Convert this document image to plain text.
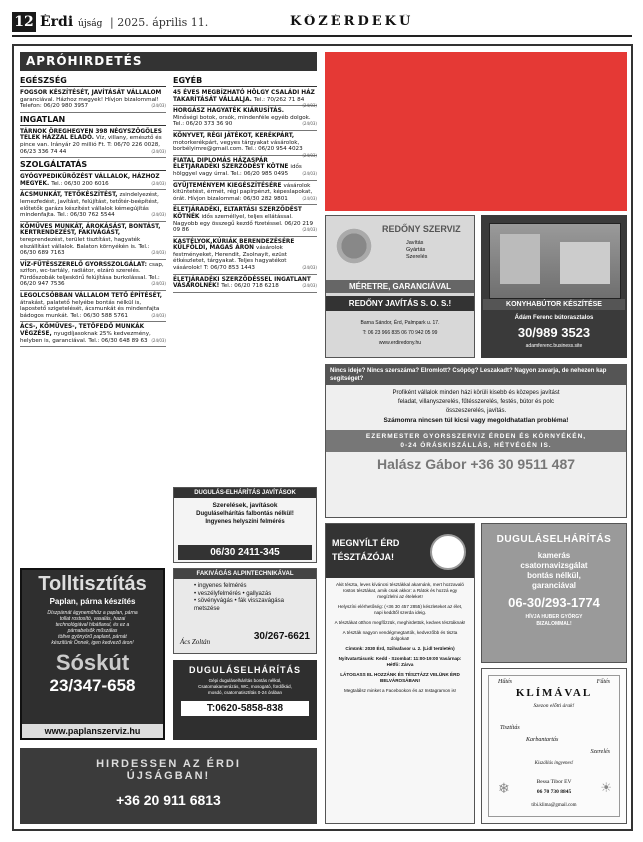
12 Érdi újság | 2025. április 11.	KÖZÉRDEKŰ
APRÓHIRDETÉS
EGÉSZSÉG
FOGSOR KÉSZÍTÉSÉT, JAVÍTÁSÁT VÁLLALOM garanciával. Házhoz megyek! Hívjon bizalommal! Telefon: 06/20 980 3957	(24/03)
INGATLAN
TÁRNOK ÖREGHEGYEN 398 NÉGYSZÖGÖLES TELEK HÁZZAL ELADÓ. Víz, villany, emésztő és pince van. Irányár 20 millió Ft. T: 06/70 226 0028, 06/23 336 74 44	(24/03)
SZOLGÁLTATÁS
GYÓGYPEDIKŰRÖZÉST VÁLLALOK, HÁZHOZ MEGYEK. Tel.: 06/30 200 6016	(24/03)
ÁCSMUNKÁT, TETŐKÉSZÍTÉST, zsindelyezést, lemezfedést, javítást, felújítást, tetőtér-beépítést, előtetők garázs készítést vállalok kémegújítás mindenfajta. Tel.: 06/30 762 5544	(24/03)
KŐMŰVES MUNKÁT, ÁROKÁSÁST, BONTÁST, KERTRENDEZÉST, FAKIVÁGÁST, tereprendezést, terület tisztítást, hagyaték elszállítást vállalok. Balaton környékén is. Tel.: 06/30 689 7163	(24/03)
VÍZ-FŰTÉSSZERELŐ GYORSSZOLGÁLAT: csap, szifon, wc-tartály, radiátor, elzáró szerelés. Fürdőszobák teljeskörű felújítása burkolással. Tel.: 06/20 947 7536	(24/03)
LEGOLCSÓBBAN VÁLLALOM TETŐ ÉPÍTÉSÉT, átrakást, palatető helyébe bontás nélkül is, lapostető szigetelését, ácsmunkát és mindenfajta bádogos munkát. Tel.: 06/30 588 5761	(24/03)
ÁCS-, KŐMŰVES-, TETŐFEDŐ MUNKÁK VÉGZÉSE, nyugdíjasoknak 25% kedvezmény, helyben is, garanciával. Tel.: 06/30 648 89 63 (24/03)
EGYÉB
45 ÉVES MEGBÍZHATÓ HÖLGY CSALÁDI HÁZ TAKARÍTÁSÁT VÁLLALJA. Tel.: 70/262 71 84
(24/03)
HORGÁSZ HAGYATÉK KIÁRUSÍTÁS. Minőségi botok, orsók, mindenféle egyéb dolgok. Tel.: 06/20 373 36 90	(24/03)
KÖNYVET, RÉGI JÁTÉKOT, KERÉKPÁRT, motorkerékpárt, vegyes tárgyakat vásárolok, borbélyimre@gmail.com. Tel.: 06/20 954 4023
(24/03)
FIATAL DIPLOMÁS HÁZASPÁR ÉLETJÁRADÉKI SZERZŐDÉST KÖTNE idős hölggyel vagy úrral. Tel.: 06/20 985 0495	(24/03)
GYŰJTEMÉNYEM KIEGÉSZÍTÉSÉRE vásárolok kitüntetést, érmét, régi papírpénzt, képeslapokat, órát. Hívjon bizalommal: 06/30 282 9801	(24/03)
ÉLETJÁRADÉKI, ELTARTÁSI SZERZŐDÉST KÖTNÉK idős személlyel, teljes ellátással. Nagyobb egy összegű kezdő fizetéssel. 06/20 219 09 86	(24/03)
KASTÉLYOK,KÚRIÁK BERENDEZÉSÉRE KÜLFÖLDI, MAGAS ÁRON vásárolok festményeket, Herendit, Zsolnayit, ezüst étkészletet, tárgyakat. Teljes hagyatékot vásárolok! T: 06/70 853 1443	(24/03)
ÉLETJÁRADÉKI SZERZŐDÉSSEL INGATLANT VÁSÁROLNÉK! Tel.: 06/20 718 6218	(24/03)
DUGULÁS-ELHÁRÍTÁS JAVÍTÁSOK
Szerelések, javítások
Duguláselhárítás falbontás nélkül!
Ingyenes helyszíni felmérés
06/30 2411-345
Tolltisztítás
Paplan, párna készítés
Díszpárnát ágyneműhöz a paplan, párna
tollat rostosító, vasalás, hazai
technológiával hibátlanul, és ez a
párnabelsők műszálas
töltve gyönyörű paplant, párnát
készítünk Önnek, igen kedvező áron!
Sóskút
23/347-658
www.paplanszerviz.hu
FAKIVÁGÁS ALPINTECHNIKÁVAL
• ingyenes felmérés
• veszélyfelmérés • gallyazás
• sövényvágás • fák visszavágása
metszése
Ács Zoltán	30/267-6621
DUGULÁSELHÁRÍTÁS
Gépi duguláselhárítás bontás nélkül,
Csatornakamerázás, WC, mosogató, fürdőkád,
mosdó, csatornatisztítás 0-24 órában
T:0620-5858-838
HIRDESSEN AZ ÉRDI
ÚJSÁGBAN!
+36 20 911 6813
REDŐNY SZERVIZ
Javítás
Gyártás
Szerelés
MÉRETRE, GARANCIÁVAL
REDŐNY JAVÍTÁS S. O. S.!
Barna Sándor, Érd, Palmpark u. 17.
T: 06 23 966 835 06 70 942 05 99
www.erdiredony.hu
KONYHABÚTOR KÉSZÍTÉSE
Ádám Ferenc bútorasztalos
30/989 3523
adamferenc.business.site
Nincs ideje? Nincs szerszáma? Elromlott? Csöpög? Leszakadt? Nagyon zavarja, de nehezen kap segítséget?
Profiként vállalok minden házi körüli kisebb és közepes javítást
feladat, villanyszerelés, fűtésszerelés, festés, bútor és polc
összeszerelés, javítás.
Számomra nincsen túl kicsi vagy megoldhatatlan probléma!
EZERMESTER GYORSSZERVIZ ÉRDEN ÉS KÖRNYÉKÉN,
0-24 ÓRÁSKISZÁLLÁS, HÉTVÉGÉN IS.
Halász Gábor +36 30 9511 487
MEGNYÍLT ÉRD
TÉSZTÁZÓJA!
Akit tészta, leves kíváncsi tésztákkal akarnánk, mert hozzavaló rostos tésztákat, amik csak akkor: a Rátok és hozzá egy megízlelni az ételeket!
Helyszíni elérhetőség: (+36 30 457 2855) készleteket az élet, napi keddtől szerda ideig.
A tésztákat otthon megfőzzük, meghirdettük, kedves tésztáknak!
A tészták nagyon vendégmegtartók, kedvezőbb és tiszta dolgokat!
Címünk: 2030 Érd, Szilvafasor u. 2. (Lidl területén)
Nyitvatartásunk: Kedd - Szombat: 11:00-19:00 Vasárnap: Hétfő: Zárva
LÁTOGASS EL HOZZÁNK ÉS TÉSZTÁZZ VELÜNK ÉRD BELVÁROSÁBAN!
Megtalálsz minket a Facebookon és az Instagramon is!
DUGULÁSELHÁRÍTÁS
kamerás
csatornavizsgálat
bontás nélkül,
garanciával
06-30/293-1774
HÍVJA HUBER GYÖRGY
BIZALOMMAL!
Hűtés	Fűtés
KLÍMÁVAL
Szezon előtti árak!
Tisztítás
Karbantartás
Szerelés
Kiszállás ingyenes!
❄	Bessa Tibor EV
06 70 730 8845
tibi.klima@gmail.com
☀
